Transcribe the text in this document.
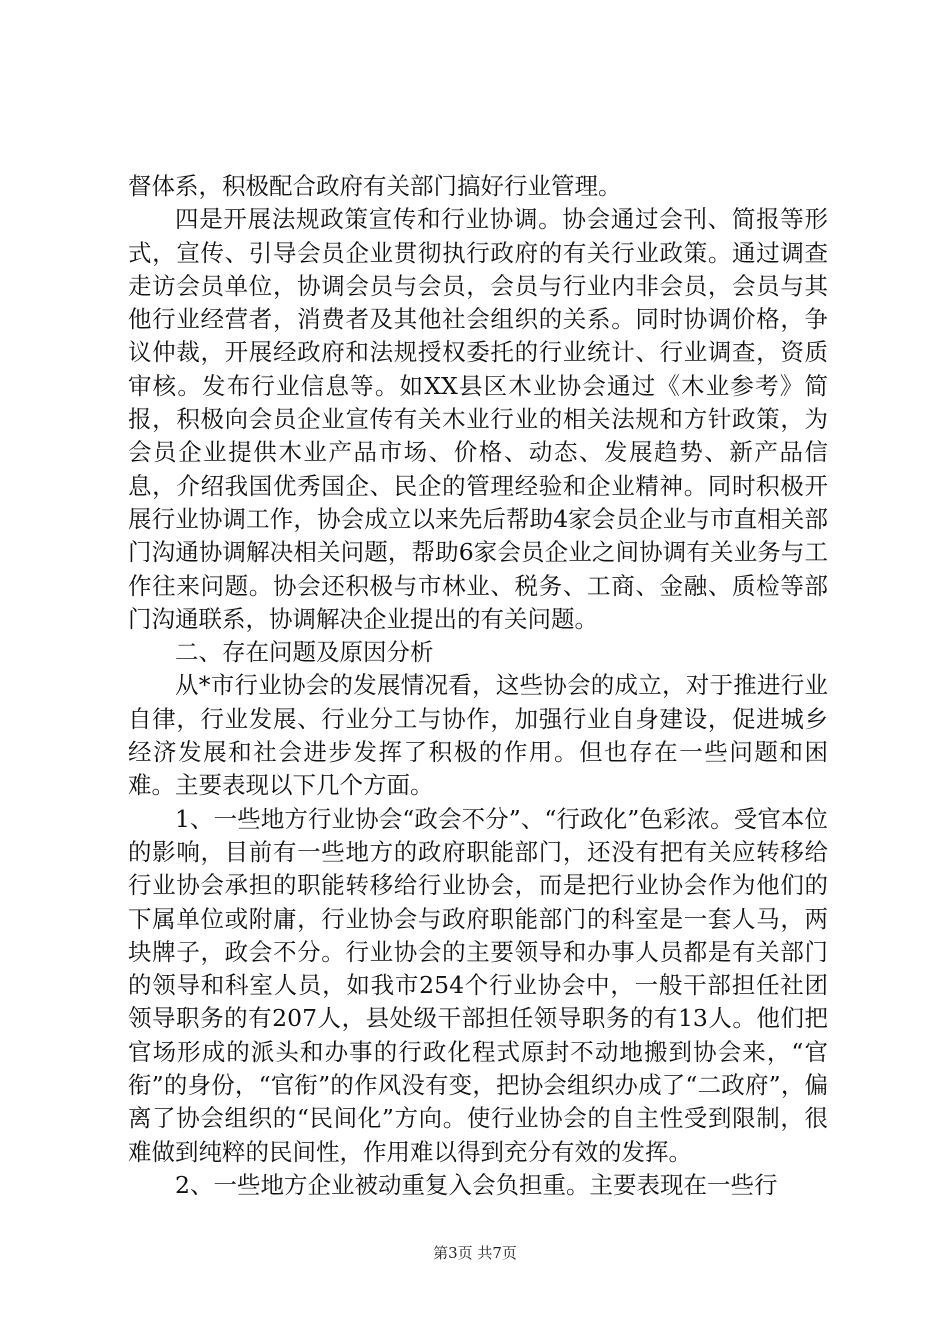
督体系，积极配合政府有关部门搞好行业管理。

四是开展法规政策宣传和行业协调。协会通过会刊、简报等形式，宣传、引导会员企业贯彻执行政府的有关行业政策。通过调查走访会员单位，协调会员与会员，会员与行业内非会员，会员与其他行业经营者，消费者及其他社会组织的关系。同时协调价格，争议仲裁，开展经政府和法规授权委托的行业统计、行业调查，资质审核。发布行业信息等。如XX县区木业协会通过《木业参考》简报，积极向会员企业宣传有关木业行业的相关法规和方针政策，为会员企业提供木业产品市场、价格、动态、发展趋势、新产品信息，介绍我国优秀国企、民企的管理经验和企业精神。同时积极开展行业协调工作，协会成立以来先后帮助4家会员企业与市直相关部门沟通协调解决相关问题，帮助6家会员企业之间协调有关业务与工作往来问题。协会还积极与市林业、税务、工商、金融、质检等部门沟通联系，协调解决企业提出的有关问题。

二、存在问题及原因分析

从*市行业协会的发展情况看，这些协会的成立，对于推进行业自律，行业发展、行业分工与协作，加强行业自身建设，促进城乡经济发展和社会进步发挥了积极的作用。但也存在一些问题和困难。主要表现以下几个方面。

1、一些地方行业协会“政会不分”、“行政化”色彩浓。受官本位的影响，目前有一些地方的政府职能部门，还没有把有关应转移给行业协会承担的职能转移给行业协会，而是把行业协会作为他们的下属单位或附庸，行业协会与政府职能部门的科室是一套人马，两块牌子，政会不分。行业协会的主要领导和办事人员都是有关部门的领导和科室人员，如我市254个行业协会中，一般干部担任社团领导职务的有207人，县处级干部担任领导职务的有13人。他们把官场形成的派头和办事的行政化程式原封不动地搬到协会来，“官衔”的身份，“官衔”的作风没有变，把协会组织办成了“二政府”，偏离了协会组织的“民间化”方向。使行业协会的自主性受到限制，很难做到纯粹的民间性，作用难以得到充分有效的发挥。

2、一些地方企业被动重复入会负担重。主要表现在一些行

第3页 共7页
